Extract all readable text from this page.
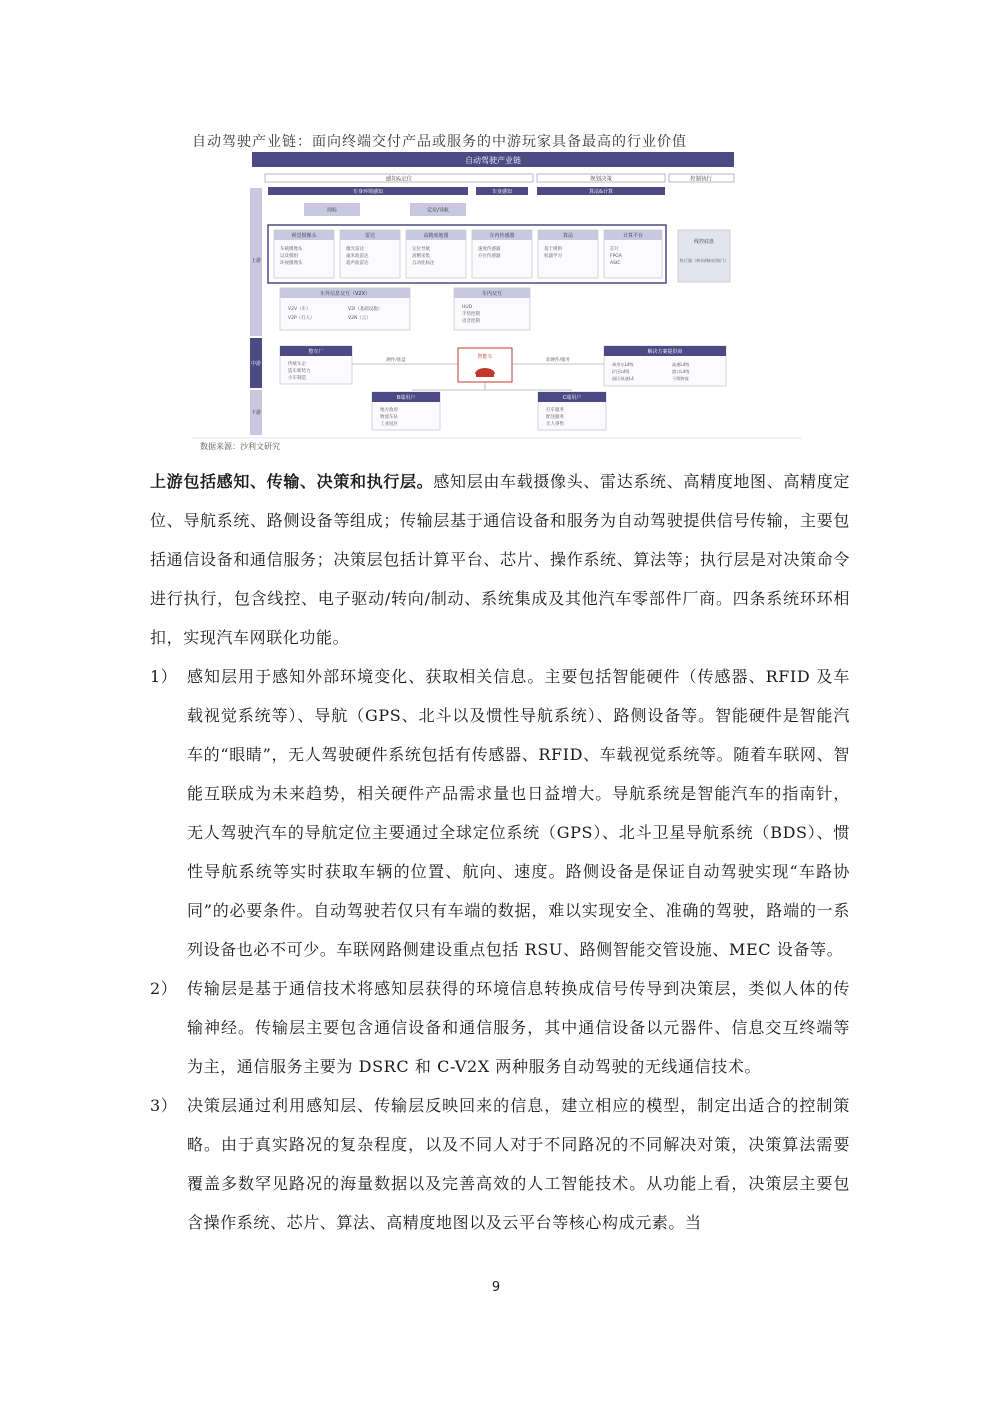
自动驾驶产业链：面向终端交付产品或服务的中游玩家具备最高的行业价值
自动驾驶产业链
感知&定位	规划决策	控制执行
上游
中游
下游
车身环境感知	车身感知	算法&计算
周标	定位/导航
视觉摄像头
车载摄像头
以及模组
环视摄像头
雷达
激光雷达
毫米波雷达
超声波雷达
高精度地图
定位导航
高精采集
自动化标注
车内传感器
速度传感器
方位传感器
算法
基于规则
机器学习
计算平台
芯片
FPGA
ASIC
线控底盘
执行器（转向/制动/油门）
车外信息交互（V2X）
V2V（车）
V2P（行人）
V2I（基础设施）
V2N（云）
车内交互
HUD
手势控制
语音控制
整车厂
传统车企
造车新势力
小车制造
硬件/底盘
智能车
软硬件/服务
解决方案提供商
乘用车L4级
矿区L4级
园区低速L4
高速L4级
港口L4级
干线物流
B端用户
地方政府
物流车队
工业园区
C端用户
打车服务
配送服务
无人零售
数据来源：沙利文研究

上游包括感知、传输、决策和执行层。感知层由车载摄像头、雷达系统、高精度地图、高精度定位、导航系统、路侧设备等组成；传输层基于通信设备和服务为自动驾驶提供信号传输，主要包括通信设备和通信服务；决策层包括计算平台、芯片、操作系统、算法等；执行层是对决策命令进行执行，包含线控、电子驱动/转向/制动、系统集成及其他汽车零部件厂商。四条系统环环相扣，实现汽车网联化功能。

1） 感知层用于感知外部环境变化、获取相关信息。主要包括智能硬件（传感器、RFID 及车载视觉系统等）、导航（GPS、北斗以及惯性导航系统）、路侧设备等。智能硬件是智能汽车的“眼睛”，无人驾驶硬件系统包括有传感器、RFID、车载视觉系统等。随着车联网、智能互联成为未来趋势，相关硬件产品需求量也日益增大。导航系统是智能汽车的指南针，无人驾驶汽车的导航定位主要通过全球定位系统（GPS）、北斗卫星导航系统（BDS）、惯性导航系统等实时获取车辆的位置、航向、速度。路侧设备是保证自动驾驶实现“车路协同”的必要条件。自动驾驶若仅只有车端的数据，难以实现安全、准确的驾驶，路端的一系列设备也必不可少。车联网路侧建设重点包括 RSU、路侧智能交管设施、MEC 设备等。
2） 传输层是基于通信技术将感知层获得的环境信息转换成信号传导到决策层，类似人体的传输神经。传输层主要包含通信设备和通信服务，其中通信设备以元器件、信息交互终端等为主，通信服务主要为 DSRC 和 C-V2X 两种服务自动驾驶的无线通信技术。
3） 决策层通过利用感知层、传输层反映回来的信息，建立相应的模型，制定出适合的控制策略。由于真实路况的复杂程度，以及不同人对于不同路况的不同解决对策，决策算法需要覆盖多数罕见路况的海量数据以及完善高效的人工智能技术。从功能上看，决策层主要包含操作系统、芯片、算法、高精度地图以及云平台等核心构成元素。当
9
